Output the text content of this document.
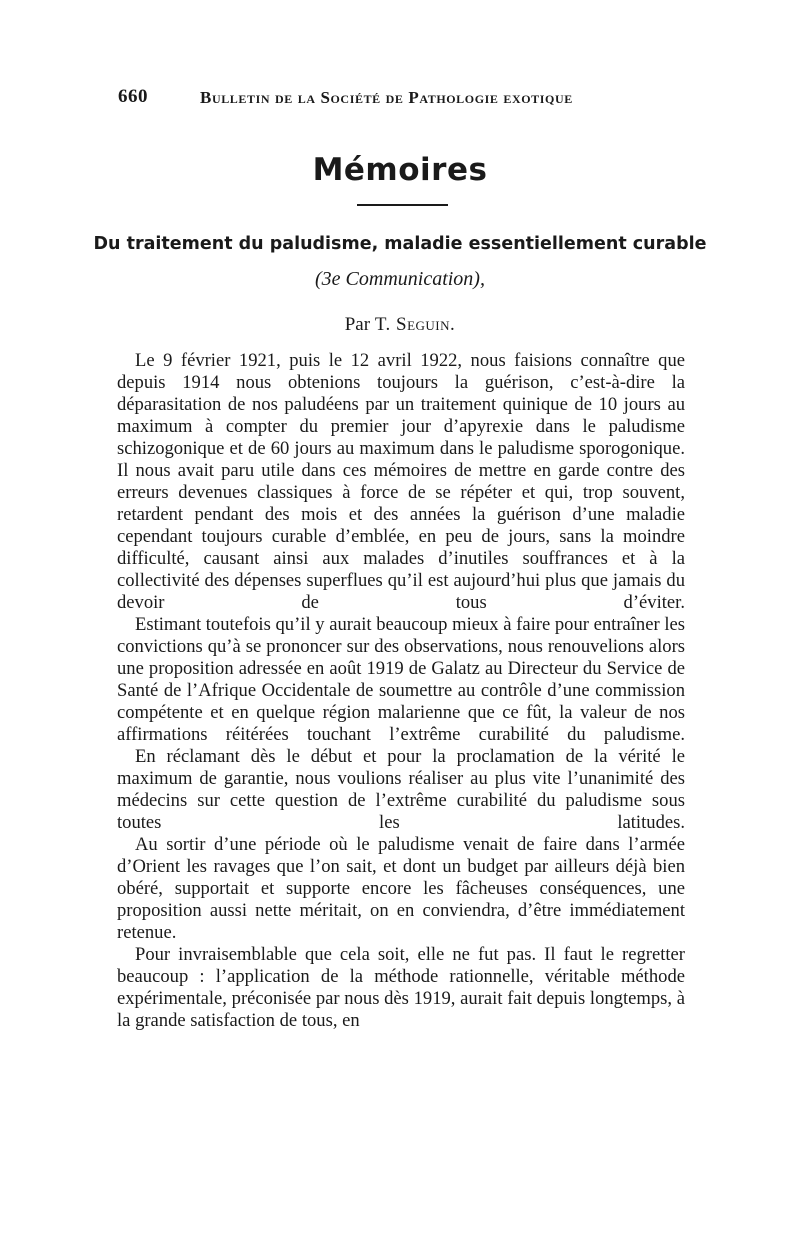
660	Bulletin de la Société de Pathologie exotique
Mémoires
Du traitement du paludisme, maladie essentiellement curable
(3e Communication),
Par T. Seguin.

Le 9 février 1921, puis le 12 avril 1922, nous faisions connaître que depuis 1914 nous obtenions toujours la guérison, c’est-à-dire la déparasitation de nos paludéens par un traitement quinique de 10 jours au maximum à compter du premier jour d’apyrexie dans le paludisme schizogonique et de 60 jours au maximum dans le paludisme sporogonique. Il nous avait paru utile dans ces mémoires de mettre en garde contre des erreurs devenues classiques à force de se répéter et qui, trop souvent, retardent pendant des mois et des années la guérison d’une maladie cependant toujours curable d’emblée, en peu de jours, sans la moindre difficulté, causant ainsi aux malades d’inutiles souffrances et à la collectivité des dépenses superflues qu’il est aujourd’hui plus que jamais du devoir de tous d’éviter.

Estimant toutefois qu’il y aurait beaucoup mieux à faire pour entraîner les convictions qu’à se prononcer sur des observations, nous renouvelions alors une proposition adressée en août 1919 de Galatz au Directeur du Service de Santé de l’Afrique Occidentale de soumettre au contrôle d’une commission compétente et en quelque région malarienne que ce fût, la valeur de nos affirmations réitérées touchant l’extrême curabilité du paludisme.

En réclamant dès le début et pour la proclamation de la vérité le maximum de garantie, nous voulions réaliser au plus vite l’unanimité des médecins sur cette question de l’extrême curabilité du paludisme sous toutes les latitudes.

Au sortir d’une période où le paludisme venait de faire dans l’armée d’Orient les ravages que l’on sait, et dont un budget par ailleurs déjà bien obéré, supportait et supporte encore les fâcheuses conséquences, une proposition aussi nette méritait, on en conviendra, d’être immédiatement retenue.

Pour invraisemblable que cela soit, elle ne fut pas. Il faut le regretter beaucoup : l’application de la méthode rationnelle, véritable méthode expérimentale, préconisée par nous dès 1919, aurait fait depuis longtemps, à la grande satisfaction de tous, en
